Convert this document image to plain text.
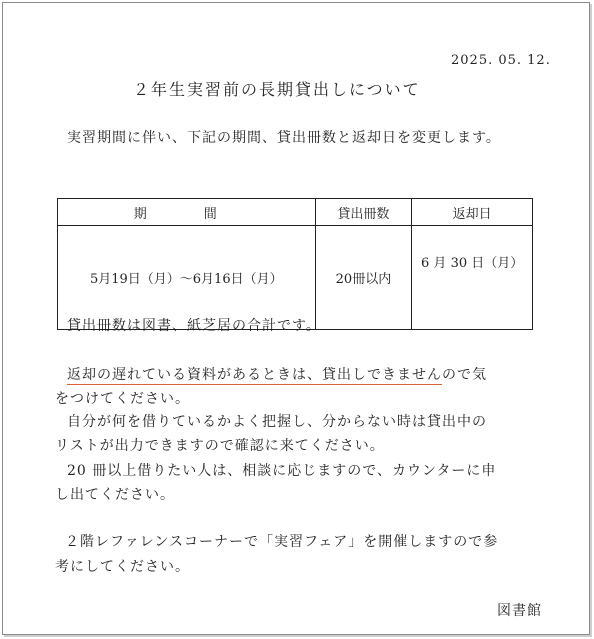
2025. 05. 12.
２年生実習前の長期貸出しについて
実習期間に伴い、下記の期間、貸出冊数と返却日を変更します。
期　間	貸出冊数	返却日
5月19日（月）～6月16日（月）	20冊以内	6 月 30 日（月）
貸出冊数は図書、紙芝居の合計です。
返却の遅れている資料があるときは、貸出しできませんので気
をつけてください。
自分が何を借りているかよく把握し、分からない時は貸出中の
リストが出力できますので確認に来てください。
20 冊以上借りたい人は、相談に応じますので、カウンターに申
し出てください。
２階レファレンスコーナーで「実習フェア」を開催しますので参
考にしてください。
図書館
